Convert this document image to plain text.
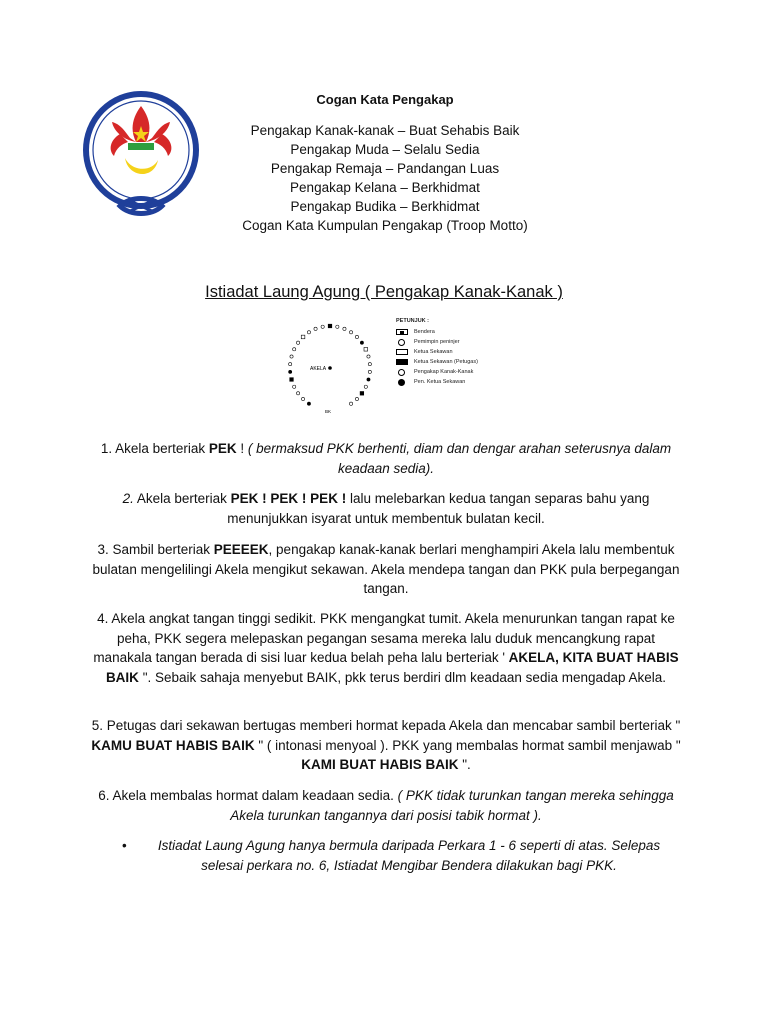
Cogan Kata Pengakap

Pengakap Kanak-kanak – Buat Sehabis Baik

Pengakap Muda – Selalu Sedia

Pengakap Remaja – Pandangan Luas

Pengakap Kelana – Berkhidmat

Pengakap Budika – Berkhidmat

Cogan Kata Kumpulan Pengakap (Troop Motto)

Istiadat Laung Agung ( Pengakap Kanak-Kanak )
AKELA
BK
PETUNJUK :
Bendera
Pemimpin peninjer
Ketua Sekawan
Ketua Sekawan (Petugas)
Pengakap Kanak-Kanak
Pen. Ketua Sekawan

1. Akela berteriak PEK ! ( bermaksud PKK berhenti, diam dan dengar arahan seterusnya dalam keadaan sedia).

2. Akela berteriak PEK ! PEK ! PEK ! lalu melebarkan kedua tangan separas bahu yang menunjukkan isyarat untuk membentuk bulatan kecil.

3. Sambil berteriak PEEEEK, pengakap kanak-kanak berlari menghampiri Akela lalu membentuk bulatan mengelilingi Akela mengikut sekawan. Akela mendepa tangan dan PKK pula berpegangan tangan.

4. Akela angkat tangan tinggi sedikit. PKK mengangkat tumit. Akela menurunkan tangan rapat ke peha, PKK segera melepaskan pegangan sesama mereka lalu duduk mencangkung rapat manakala tangan berada di sisi luar kedua belah peha lalu berteriak ' AKELA, KITA BUAT HABIS BAIK ". Sebaik sahaja menyebut BAIK, pkk terus berdiri dlm keadaan sedia mengadap Akela.

5. Petugas dari sekawan bertugas memberi hormat kepada Akela dan mencabar sambil berteriak " KAMU BUAT HABIS BAIK " ( intonasi menyoal ). PKK yang membalas hormat sambil menjawab " KAMI BUAT HABIS BAIK ".

6. Akela membalas hormat dalam keadaan sedia. ( PKK tidak turunkan tangan mereka sehingga Akela turunkan tangannya dari posisi tabik hormat ).

•	Istiadat Laung Agung hanya bermula daripada Perkara 1 - 6 seperti di atas. Selepas selesai perkara no. 6, Istiadat Mengibar Bendera dilakukan bagi PKK.
